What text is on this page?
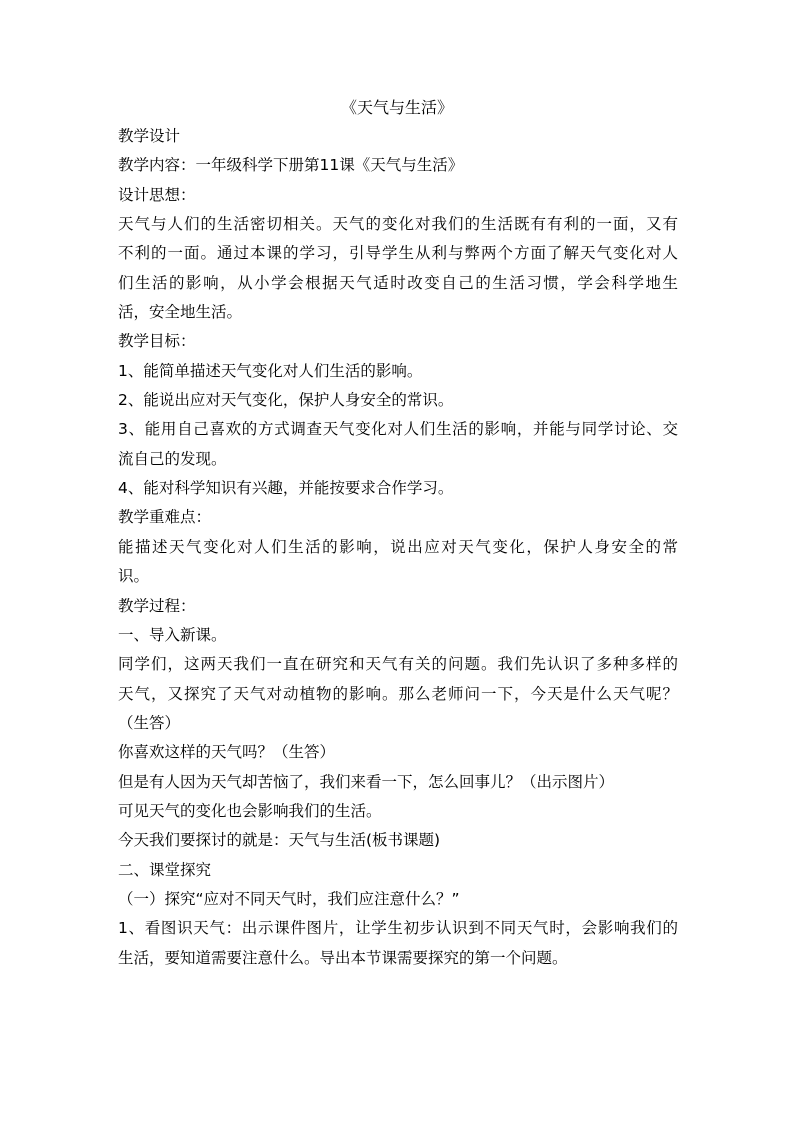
《天气与生活》
教学设计
教学内容：一年级科学下册第11课《天气与生活》
设计思想：
天气与人们的生活密切相关。天气的变化对我们的生活既有有利的一面，又有
不利的一面。通过本课的学习，引导学生从利与弊两个方面了解天气变化对人
们生活的影响，从小学会根据天气适时改变自己的生活习惯，学会科学地生
活，安全地生活。
教学目标：
1、能简单描述天气变化对人们生活的影响。
2、能说出应对天气变化，保护人身安全的常识。
3、能用自己喜欢的方式调查天气变化对人们生活的影响，并能与同学讨论、交
流自己的发现。
4、能对科学知识有兴趣，并能按要求合作学习。
教学重难点：
能描述天气变化对人们生活的影响，说出应对天气变化，保护人身安全的常
识。
教学过程：
一、导入新课。
同学们，这两天我们一直在研究和天气有关的问题。我们先认识了多种多样的
天气，又探究了天气对动植物的影响。那么老师问一下，今天是什么天气呢？
（生答）
你喜欢这样的天气吗？（生答）
但是有人因为天气却苦恼了，我们来看一下，怎么回事儿？（出示图片）
可见天气的变化也会影响我们的生活。
今天我们要探讨的就是：天气与生活(板书课题)
二、课堂探究
（一）探究“应对不同天气时，我们应注意什么？”
1、看图识天气：出示课件图片，让学生初步认识到不同天气时，会影响我们的
生活，要知道需要注意什么。导出本节课需要探究的第一个问题。
